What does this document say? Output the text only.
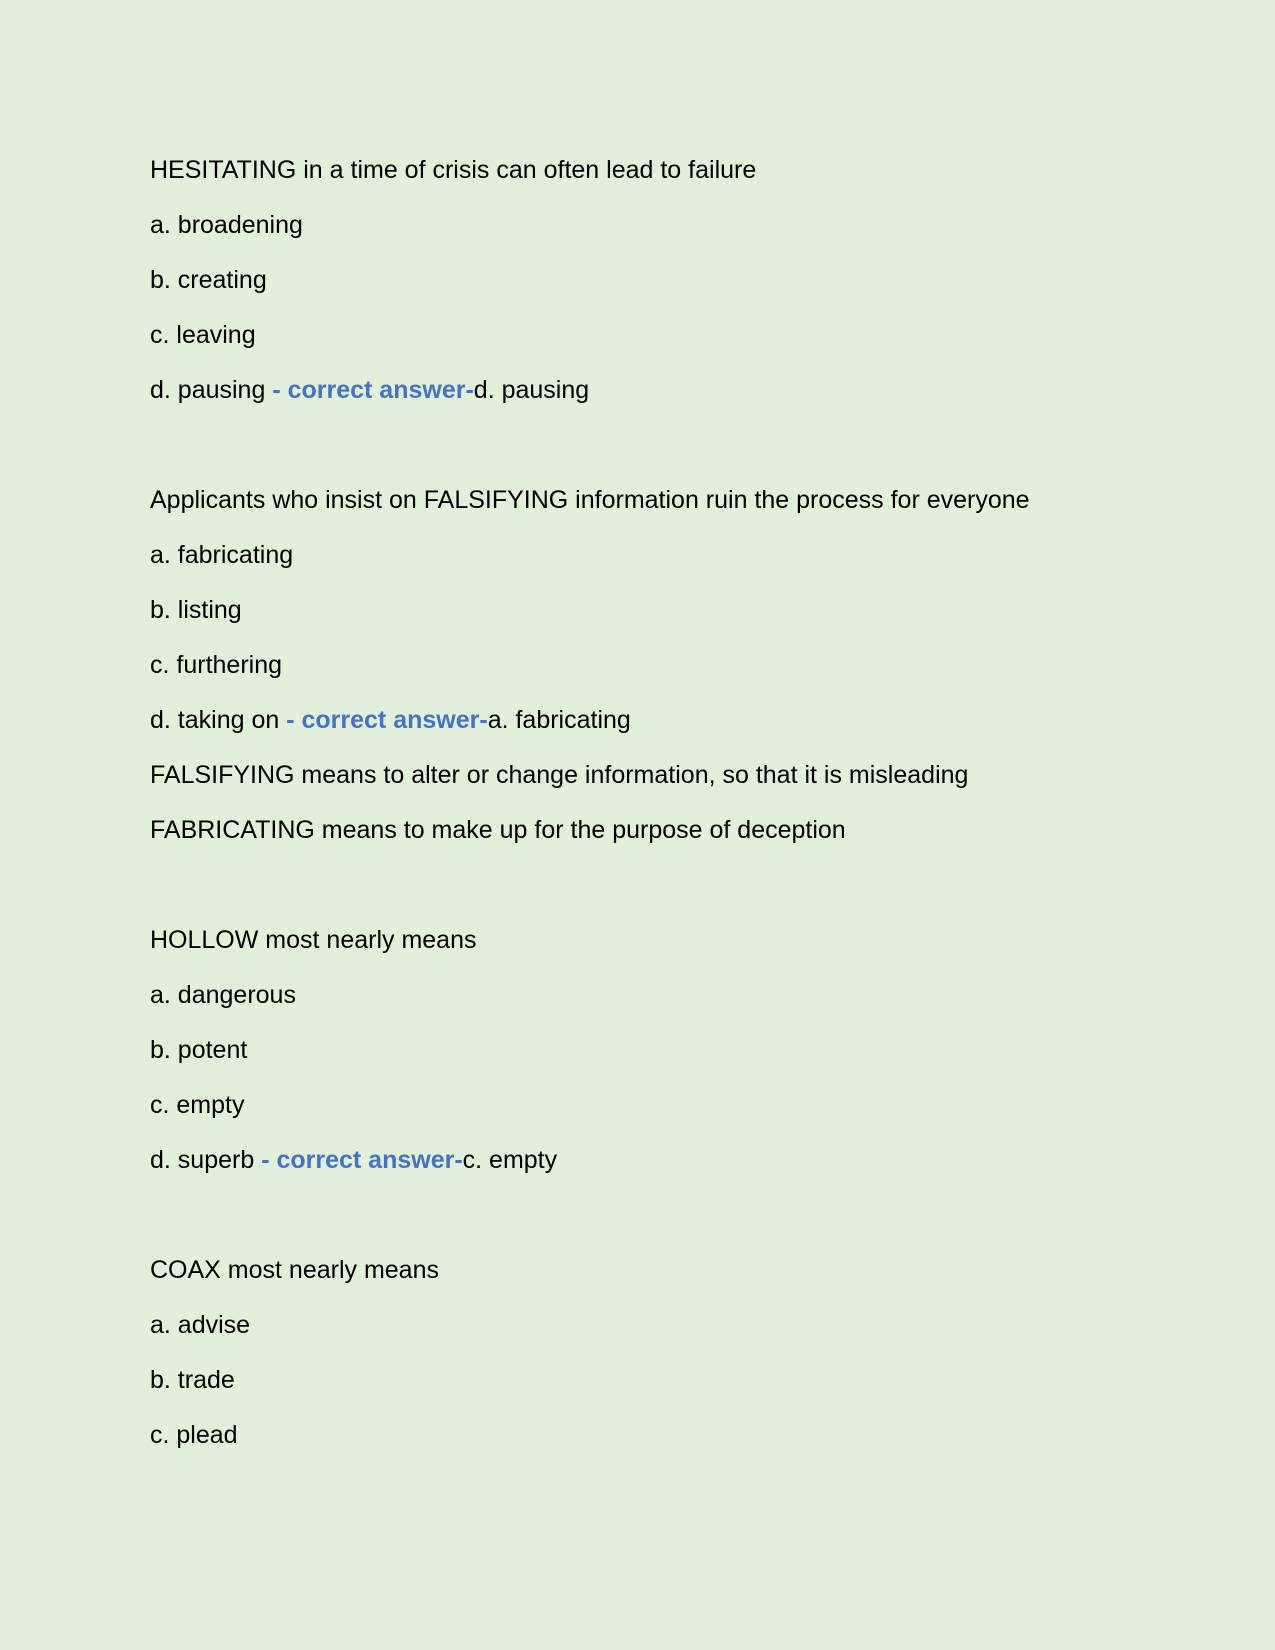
HESITATING in a time of crisis can often lead to failure
a. broadening
b. creating
c. leaving
d. pausing - correct answer-d. pausing
Applicants who insist on FALSIFYING information ruin the process for everyone
a. fabricating
b. listing
c. furthering
d. taking on - correct answer-a. fabricating
FALSIFYING means to alter or change information, so that it is misleading
FABRICATING means to make up for the purpose of deception
HOLLOW most nearly means
a. dangerous
b. potent
c. empty
d. superb - correct answer-c. empty
COAX most nearly means
a. advise
b. trade
c. plead
